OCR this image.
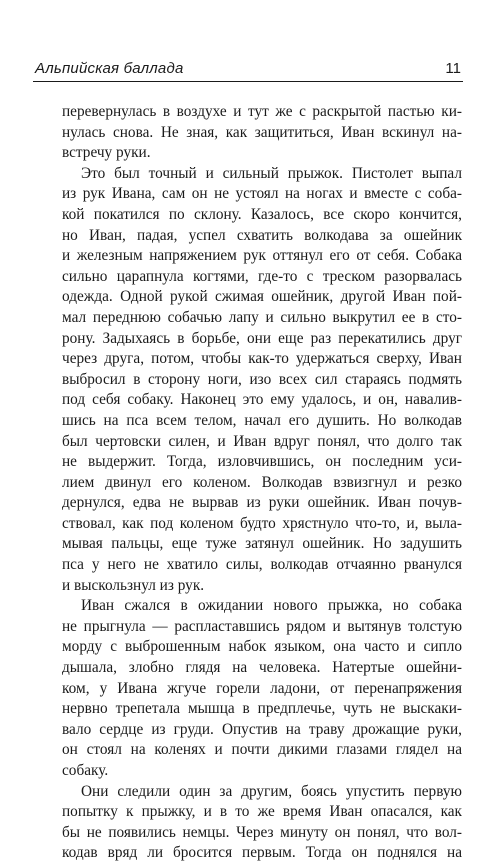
Альпийская баллада	11
перевернулась в воздухе и тут же с раскрытой пастью ки-
нулась снова. Не зная, как защититься, Иван вскинул на-
встречу руки.
Это был точный и сильный прыжок. Пистолет выпал
из рук Ивана, сам он не устоял на ногах и вместе с соба-
кой покатился по склону. Казалось, все скоро кончится,
но Иван, падая, успел схватить волкодава за ошейник
и железным напряжением рук оттянул его от себя. Собака
сильно царапнула когтями, где-то с треском разорвалась
одежда. Одной рукой сжимая ошейник, другой Иван пой-
мал переднюю собачью лапу и сильно выкрутил ее в сто-
рону. Задыхаясь в борьбе, они еще раз перекатились друг
через друга, потом, чтобы как-то удержаться сверху, Иван
выбросил в сторону ноги, изо всех сил стараясь подмять
под себя собаку. Наконец это ему удалось, и он, навалив-
шись на пса всем телом, начал его душить. Но волкодав
был чертовски силен, и Иван вдруг понял, что долго так
не выдержит. Тогда, изловчившись, он последним уси-
лием двинул его коленом. Волкодав взвизгнул и резко
дернулся, едва не вырвав из руки ошейник. Иван почув-
ствовал, как под коленом будто хрястнуло что-то, и, выла-
мывая пальцы, еще туже затянул ошейник. Но задушить
пса у него не хватило силы, волкодав отчаянно рванулся
и выскользнул из рук.
Иван сжался в ожидании нового прыжка, но собака
не прыгнула — распластавшись рядом и вытянув толстую
морду с выброшенным набок языком, она часто и сипло
дышала, злобно глядя на человека. Натертые ошейни-
ком, у Ивана жгуче горели ладони, от перенапряжения
нервно трепетала мышца в предплечье, чуть не выскаки-
вало сердце из груди. Опустив на траву дрожащие руки,
он стоял на коленях и почти дикими глазами глядел на
собаку.
Они следили один за другим, боясь упустить первую
попытку к прыжку, и в то же время Иван опасался, как
бы не появились немцы. Через минуту он понял, что вол-
кодав вряд ли бросится первым. Тогда он поднялся на
